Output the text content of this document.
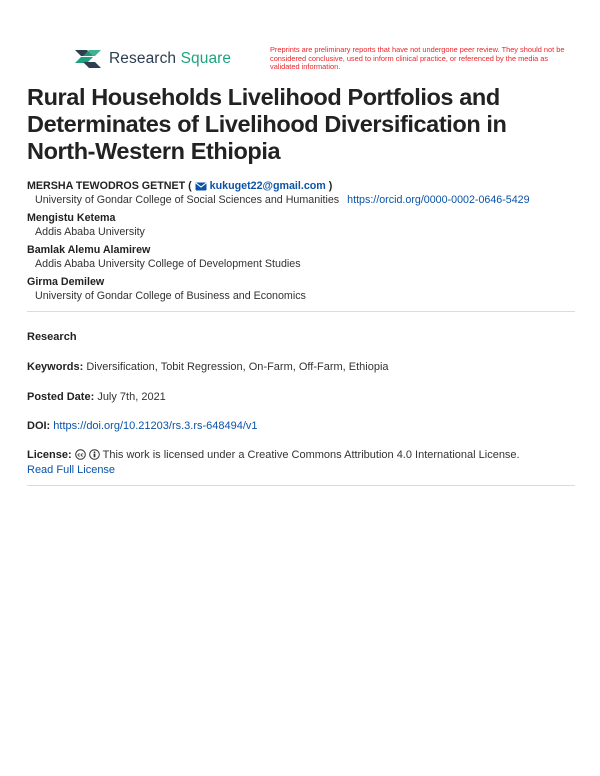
Research Square
Preprints are preliminary reports that have not undergone peer review. They should not be considered conclusive, used to inform clinical practice, or referenced by the media as validated information.
Rural Households Livelihood Portfolios and Determinates of Livelihood Diversification in North-Western Ethiopia
MERSHA TEWODROS GETNET ( kukuget22@gmail.com )
University of Gondar College of Social Sciences and Humanities https://orcid.org/0000-0002-0646-5429
Mengistu Ketema
Addis Ababa University
Bamlak Alemu Alamirew
Addis Ababa University College of Development Studies
Girma Demilew
University of Gondar College of Business and Economics
Research
Keywords: Diversification, Tobit Regression, On-Farm, Off-Farm, Ethiopia
Posted Date: July 7th, 2021
DOI: https://doi.org/10.21203/rs.3.rs-648494/v1
License: cc This work is licensed under a Creative Commons Attribution 4.0 International License.
Read Full License
